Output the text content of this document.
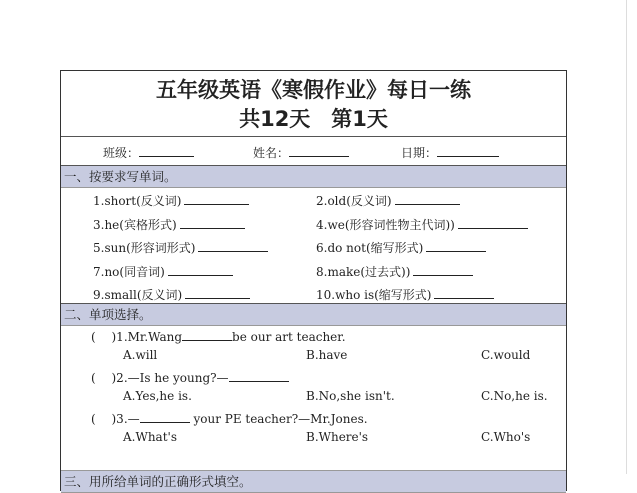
五年级英语《寒假作业》每日一练
共12天　第1天
班级：	姓名：	日期：
一、按要求写单词。
1.short(反义词)	2.old(反义词)
3.he(宾格形式)	4.we(形容词性物主代词))
5.sun(形容词形式)	6.do not(缩写形式)
7.no(同音词)	8.make(过去式))
9.small(反义词)	10.who is(缩写形式)
二、单项选择。
(　 )1.Mr.Wang	be our art teacher.
A.will	B.have	C.would
(　 )2.—Is he young?—
A.Yes,he is.	B.No,she isn't.	C.No,he is.
(　 )3.—	your PE teacher?—Mr.Jones.
A.What's	B.Where's	C.Who's
三、用所给单词的正确形式填空。
